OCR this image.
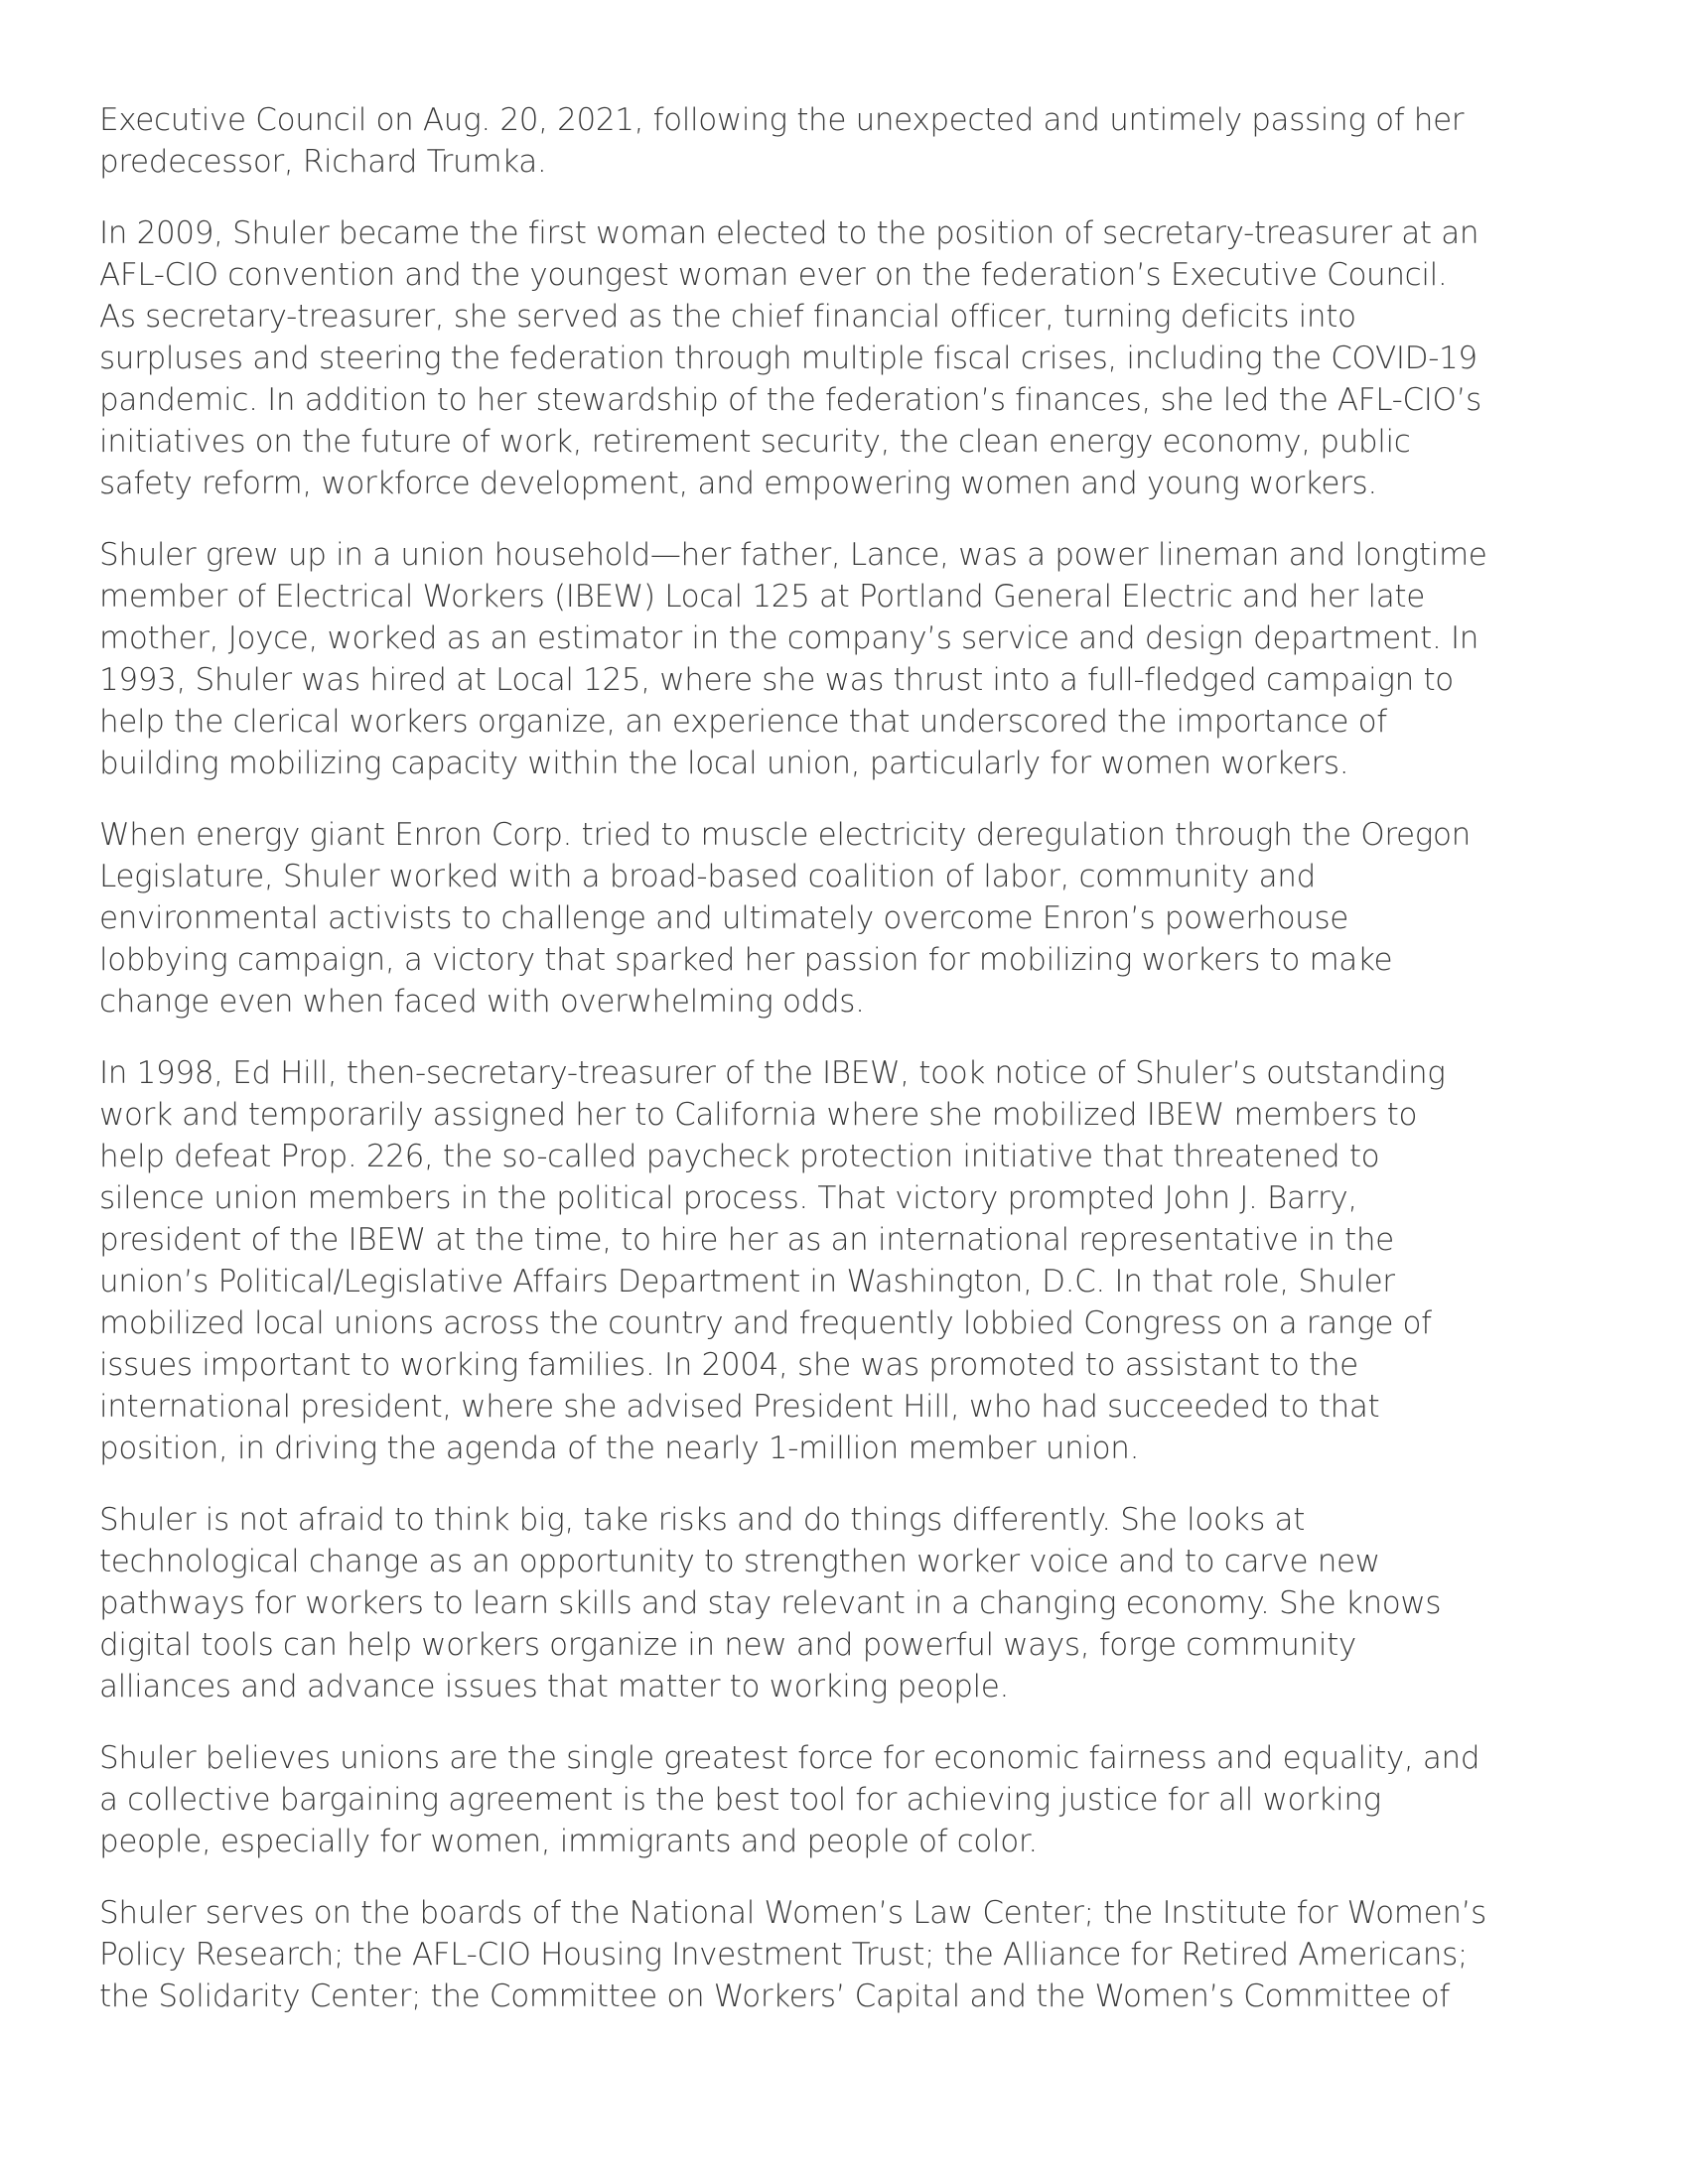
Executive Council on Aug. 20, 2021, following the unexpected and untimely passing of her
predecessor, Richard Trumka.

In 2009, Shuler became the first woman elected to the position of secretary-treasurer at an
AFL-CIO convention and the youngest woman ever on the federation’s Executive Council.
As secretary-treasurer, she served as the chief financial officer, turning deficits into
surpluses and steering the federation through multiple fiscal crises, including the COVID-19
pandemic. In addition to her stewardship of the federation’s finances, she led the AFL-CIO’s
initiatives on the future of work, retirement security, the clean energy economy, public
safety reform, workforce development, and empowering women and young workers.

Shuler grew up in a union household—her father, Lance, was a power lineman and longtime
member of Electrical Workers (IBEW) Local 125 at Portland General Electric and her late
mother, Joyce, worked as an estimator in the company’s service and design department. In
1993, Shuler was hired at Local 125, where she was thrust into a full-fledged campaign to
help the clerical workers organize, an experience that underscored the importance of
building mobilizing capacity within the local union, particularly for women workers.

When energy giant Enron Corp. tried to muscle electricity deregulation through the Oregon
Legislature, Shuler worked with a broad-based coalition of labor, community and
environmental activists to challenge and ultimately overcome Enron’s powerhouse
lobbying campaign, a victory that sparked her passion for mobilizing workers to make
change even when faced with overwhelming odds.

In 1998, Ed Hill, then-secretary-treasurer of the IBEW, took notice of Shuler’s outstanding
work and temporarily assigned her to California where she mobilized IBEW members to
help defeat Prop. 226, the so-called paycheck protection initiative that threatened to
silence union members in the political process. That victory prompted John J. Barry,
president of the IBEW at the time, to hire her as an international representative in the
union’s Political/Legislative Affairs Department in Washington, D.C. In that role, Shuler
mobilized local unions across the country and frequently lobbied Congress on a range of
issues important to working families. In 2004, she was promoted to assistant to the
international president, where she advised President Hill, who had succeeded to that
position, in driving the agenda of the nearly 1-million member union.

Shuler is not afraid to think big, take risks and do things differently. She looks at
technological change as an opportunity to strengthen worker voice and to carve new
pathways for workers to learn skills and stay relevant in a changing economy. She knows
digital tools can help workers organize in new and powerful ways, forge community
alliances and advance issues that matter to working people.

Shuler believes unions are the single greatest force for economic fairness and equality, and
a collective bargaining agreement is the best tool for achieving justice for all working
people, especially for women, immigrants and people of color.

Shuler serves on the boards of the National Women’s Law Center; the Institute for Women’s
Policy Research; the AFL-CIO Housing Investment Trust; the Alliance for Retired Americans;
the Solidarity Center; the Committee on Workers’ Capital and the Women’s Committee of
